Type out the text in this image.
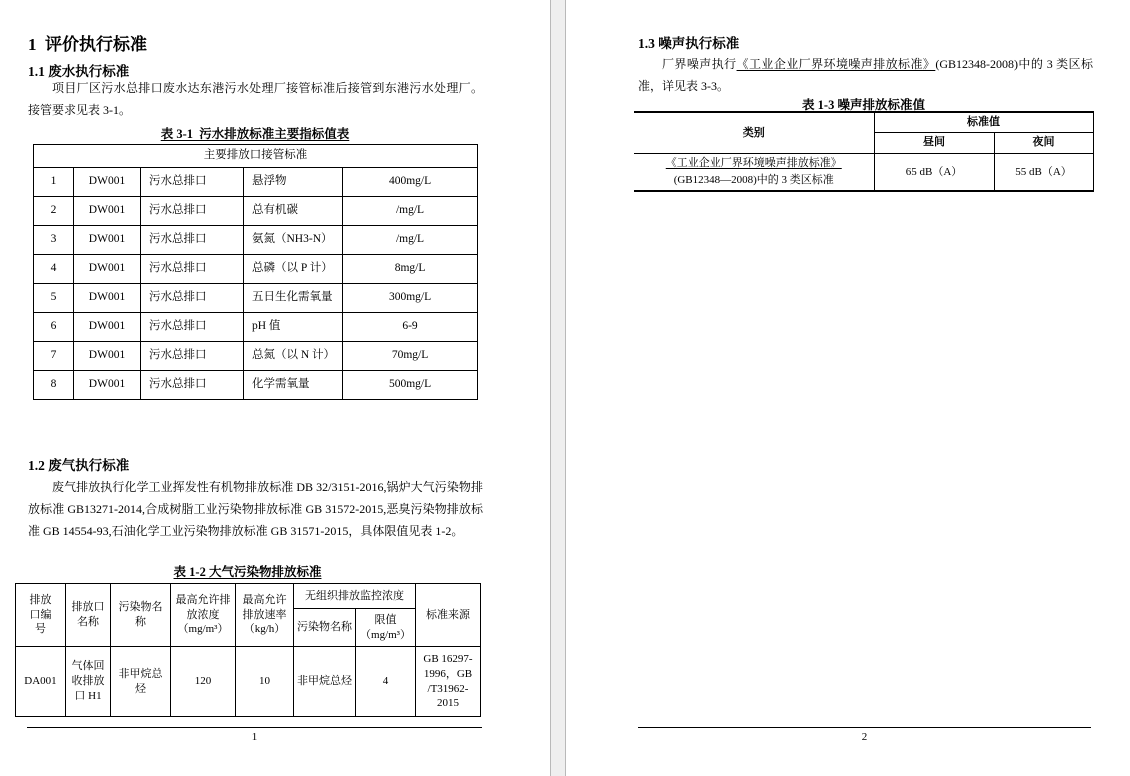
1  评价执行标准
1.1 废水执行标准
项目厂区污水总排口废水达东港污水处理厂接管标准后接管到东港污水处理厂。接管要求见表 3-1。
表 3-1  污水排放标准主要指标值表
主要排放口接管标准				
1	DW001	污水总排口	悬浮物	400mg/L
2	DW001	污水总排口	总有机碳	/mg/L
3	DW001	污水总排口	氨氮（NH3-N）	/mg/L
4	DW001	污水总排口	总磷（以 P 计）	8mg/L
5	DW001	污水总排口	五日生化需氧量	300mg/L
6	DW001	污水总排口	pH 值	6-9
7	DW001	污水总排口	总氮（以 N 计）	70mg/L
8	DW001	污水总排口	化学需氧量	500mg/L
1.2 废气执行标准
废气排放执行化学工业挥发性有机物排放标准 DB 32/3151-2016,锅炉大气污染物排放标准 GB13271-2014,合成树脂工业污染物排放标准 GB 31572-2015,恶臭污染物排放标准 GB 14554-93,石油化学工业污染物排放标准 GB 31571-2015，具体限值见表 1-2。
表 1-2 大气污染物排放标准
排放口编号	排放口名称	污染物名称	最高允许排放浓度（mg/m³）	最高允许排放速率（kg/h）	无组织排放监控浓度		标准来源
					污染物名称	限值（mg/m³）	
DA001	气体回收排放口 H1	非甲烷总烃	120	10	非甲烷总烃	4	GB 16297-1996，GB /T31962-2015
1
1.3 噪声执行标准
厂界噪声执行《工业企业厂界环境噪声排放标准》(GB12348-2008)中的 3 类区标准，详见表 3-3。
表 1-3 噪声排放标准值
类别	标准值	
	昼间	夜间

《工业企业厂界环境噪声排放标准》
(GB12348—2008)中的 3 类区标准	65 dB（A）	55 dB（A）
2
